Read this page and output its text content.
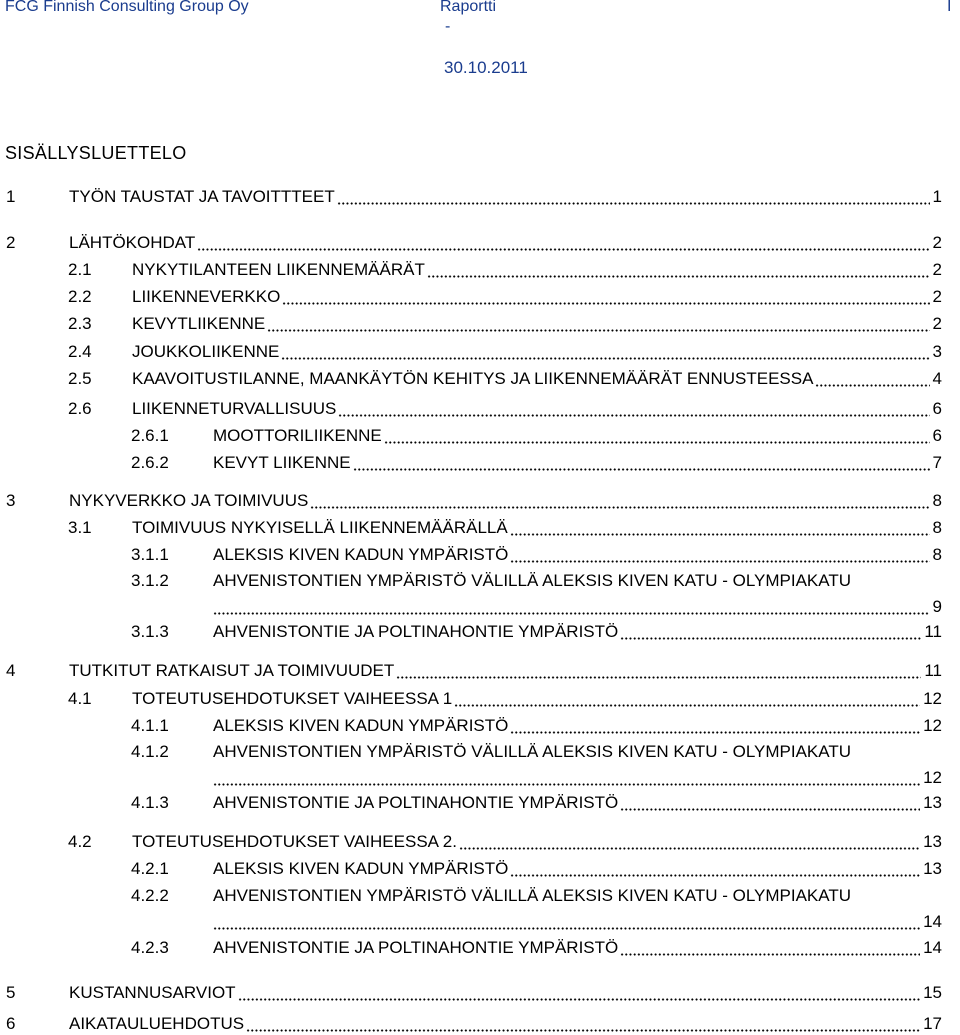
FCG Finnish Consulting Group Oy	Raportti
-
I
30.10.2011
SISÄLLYSLUETTELO
1	TYÖN TAUSTAT JA TAVOITTTEET	1
2	LÄHTÖKOHDAT	2
2.1 NYKYTILANTEEN LIIKENNEMÄÄRÄT	2
2.2 LIIKENNEVERKKO	2
2.3 KEVYTLIIKENNE	2
2.4 JOUKKOLIIKENNE	3
2.5 KAAVOITUSTILANNE, MAANKÄYTÖN KEHITYS JA LIIKENNEMÄÄRÄT ENNUSTEESSA	4
2.6 LIIKENNETURVALLISUUS	6
2.6.1	MOOTTORILIIKENNE	6
2.6.2	KEVYT LIIKENNE	7
3	NYKYVERKKO JA TOIMIVUUS	8
3.1 TOIMIVUUS NYKYISELLÄ LIIKENNEMÄÄRÄLLÄ	8
3.1.1	ALEKSIS KIVEN KADUN YMPÄRISTÖ	8
3.1.2	AHVENISTONTIEN YMPÄRISTÖ VÄLILLÄ ALEKSIS KIVEN KATU - OLYMPIAKATU
9
3.1.3	AHVENISTONTIE JA POLTINAHONTIE YMPÄRISTÖ	11
4	TUTKITUT RATKAISUT JA TOIMIVUUDET	11
4.1 TOTEUTUSEHDOTUKSET VAIHEESSA 1	12
4.1.1	ALEKSIS KIVEN KADUN YMPÄRISTÖ	12
4.1.2	AHVENISTONTIEN YMPÄRISTÖ VÄLILLÄ ALEKSIS KIVEN KATU - OLYMPIAKATU
12
4.1.3	AHVENISTONTIE JA POLTINAHONTIE YMPÄRISTÖ	13
4.2 TOTEUTUSEHDOTUKSET VAIHEESSA 2.	13
4.2.1	ALEKSIS KIVEN KADUN YMPÄRISTÖ	13
4.2.2	AHVENISTONTIEN YMPÄRISTÖ VÄLILLÄ ALEKSIS KIVEN KATU - OLYMPIAKATU
14
4.2.3	AHVENISTONTIE JA POLTINAHONTIE YMPÄRISTÖ	14
5	KUSTANNUSARVIOT	15
6	AIKATAULUEHDOTUS	17
